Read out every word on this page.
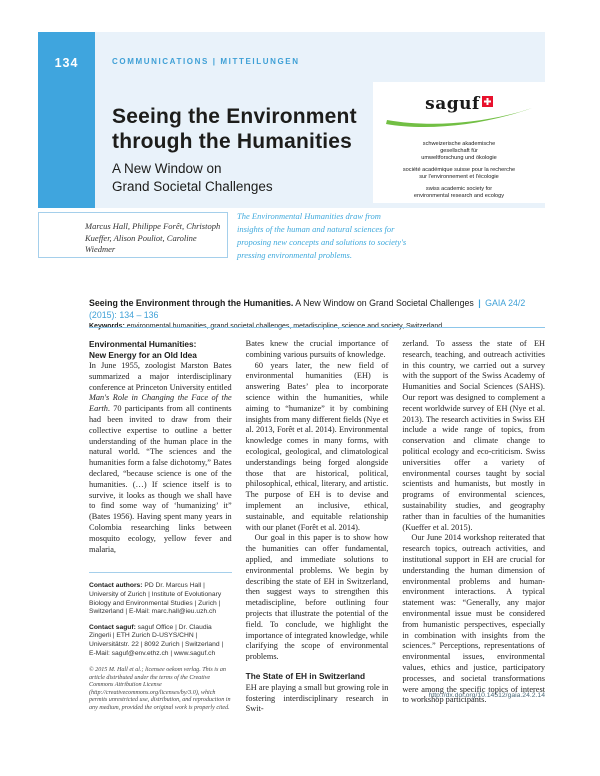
134	COMMUNICATIONS | MITTEILUNGEN
Seeing the Environment
through the Humanities
A New Window on
Grand Societal Challenges
saguf
schweizerische akademische
gesellschaft für
umweltforschung und ökologie
société académique suisse pour la recherche
sur l'environnement et l'écologie
swiss academic society for
environmental research and ecology
Marcus Hall, Philippe Forêt, Christoph Kueffer, Alison Pouliot, Caroline Wiedmer
The Environmental Humanities draw from insights of the human and natural sciences for proposing new concepts and solutions to society's pressing environmental problems.
Seeing the Environment through the Humanities. A New Window on Grand Societal Challenges | GAIA 24/2 (2015): 134 – 136
Environmental Humanities:
New Energy for an Old Idea

In June 1955, zoologist Marston Bates summarized a major interdisciplinary conference at Princeton University entitled Man's Role in Changing the Face of the Earth. 70 participants from all continents had been invited to draw from their collective expertise to outline a better understanding of the human place in the natural world. “The sciences and the humanities form a false dichotomy,” Bates declared, “because science is one of the humanities. (…) If science itself is to survive, it looks as though we shall have to find some way of ‘humanizing’ it” (Bates 1956). Having spent many years in Colombia researching links between mosquito ecology, yellow fever and malaria,

Contact authors: PD Dr. Marcus Hall | University of Zurich | Institute of Evolutionary Biology and Environmental Studies | Zurich | Switzerland | E-Mail: marc.hall@ieu.uzh.ch
Contact saguf: saguf Office | Dr. Claudia Zingerli | ETH Zurich D-USYS/CHN | Universitätstr. 22 | 8092 Zurich | Switzerland | E-Mail: saguf@env.ethz.ch | www.saguf.ch
© 2015 M. Hall et al.; licensee oekom verlag. This is an article distributed under the terms of the Creative Commons Attribution License (http://creativecommons.org/licenses/by/3.0), which permits unrestricted use, distribution, and reproduction in any medium, provided the original work is properly cited.

Bates knew the crucial importance of combining various pursuits of knowledge.

60 years later, the new field of environmental humanities (EH) is answering Bates’ plea to incorporate science within the humanities, while aiming to “humanize” it by combining insights from many different fields (Nye et al. 2013, Forêt et al. 2014). Environmental knowledge comes in many forms, with ecological, geological, and climatological understandings being forged alongside those that are historical, political, philosophical, ethical, literary, and artistic. The purpose of EH is to devise and implement an inclusive, ethical, sustainable, and equitable relationship with our planet (Forêt et al. 2014).

Our goal in this paper is to show how the humanities can offer fundamental, applied, and immediate solutions to environmental problems. We begin by describing the state of EH in Switzerland, then suggest ways to strengthen this metadiscipline, before outlining four projects that illustrate the potential of the field. To conclude, we highlight the importance of integrated knowledge, while clarifying the scope of environmental problems.

The State of EH in Switzerland

EH are playing a small but growing role in fostering interdisciplinary research in Swit-

zerland. To assess the state of EH research, teaching, and outreach activities in this country, we carried out a survey with the support of the Swiss Academy of Humanities and Social Sciences (SAHS). Our report was designed to complement a recent worldwide survey of EH (Nye et al. 2013). The research activities in Swiss EH include a wide range of topics, from conservation and climate change to political ecology and eco-criticism. Swiss universities offer a variety of environmental courses taught by social scientists and humanists, but mostly in programs of environmental sciences, sustainability studies, and geography rather than in faculties of the humanities (Kueffer et al. 2015).

Our June 2014 workshop reiterated that research topics, outreach activities, and institutional support in EH are crucial for understanding the human dimension of environmental problems and human-environment interactions. A typical statement was: “Generally, any major environmental issue must be considered from humanistic perspectives, especially in combination with insights from the sciences.” Perceptions, representations of environmental issues, environmental values, ethics and justice, participatory processes, and societal transformations were among the specific topics of interest to workshop participants.

http://dx.doi.org/10.14512/gaia.24.2.14
